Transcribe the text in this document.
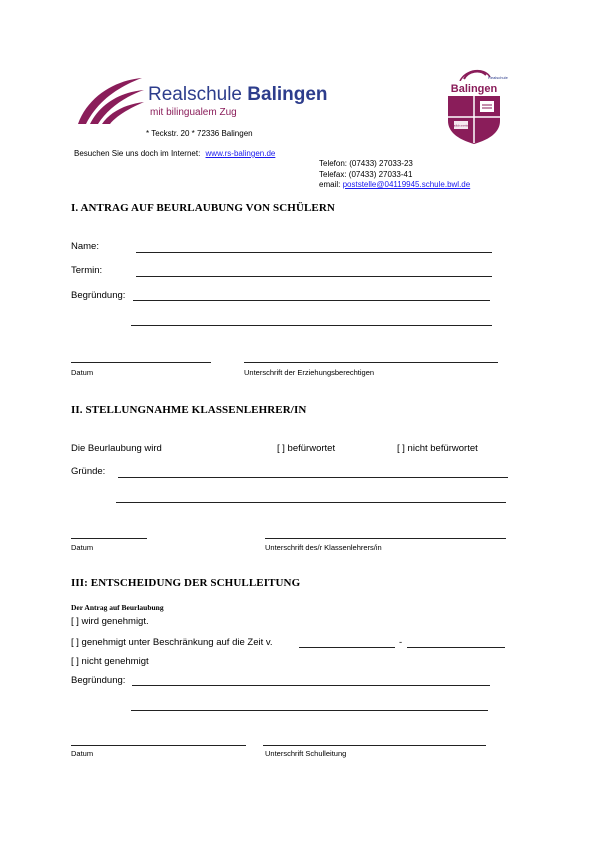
Realschule Balingen
mit bilingualem Zug
Realschule
Balingen
Staatlich anerkannt
* Teckstr. 20 * 72336 Balingen
Besuchen Sie uns doch im Internet: www.rs-balingen.de
Telefon: (07433) 27033-23
Telefax: (07433) 27033-41
email: poststelle@04119945.schule.bwl.de
I. ANTRAG AUF BEURLAUBUNG VON SCHÜLERN
Name:
Termin:
Begründung:
Datum	Unterschrift der Erziehungsberechtigen
II. STELLUNGNAHME KLASSENLEHRER/IN
Die Beurlaubung wird	[ ] befürwortet	[ ] nicht befürwortet
Gründe:
Datum	Unterschrift des/r Klassenlehrers/in
III: ENTSCHEIDUNG DER SCHULLEITUNG
Der Antrag auf Beurlaubung
[ ] wird genehmigt.
[ ] genehmigt unter Beschränkung auf die Zeit v.	-
[ ] nicht genehmigt
Begründung:
Datum	Unterschrift Schulleitung
